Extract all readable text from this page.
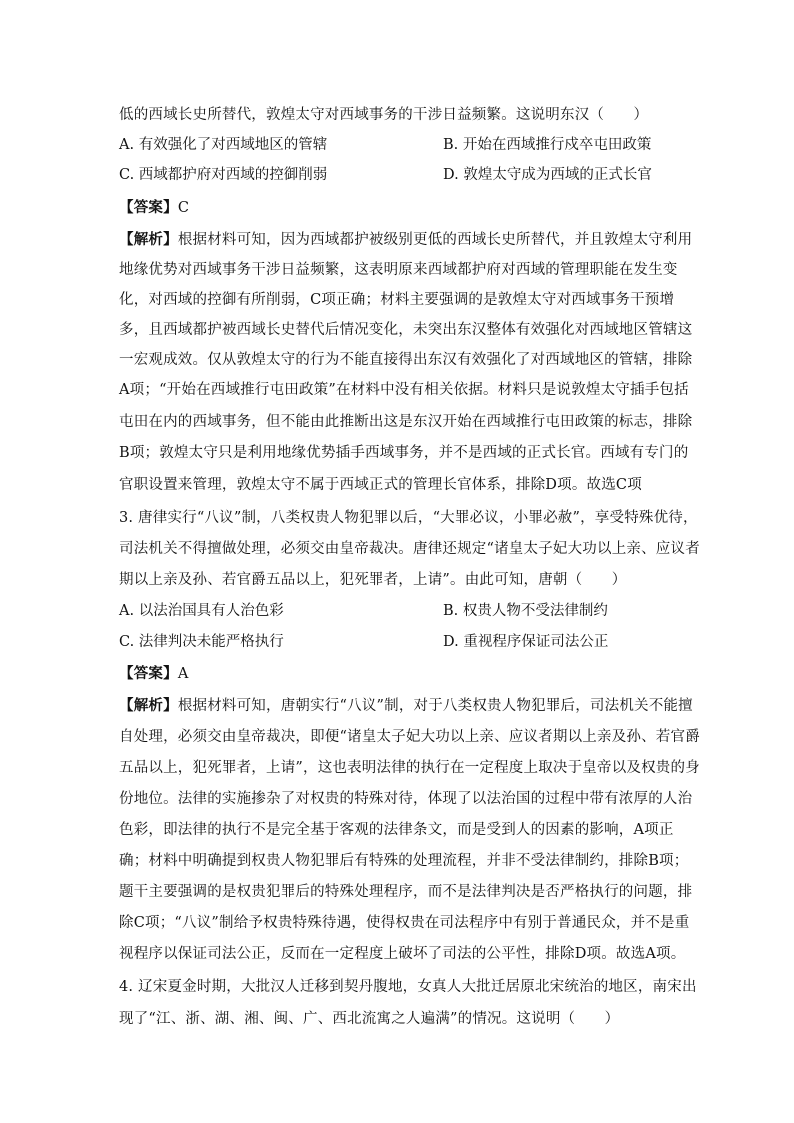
低的西域长史所替代，敦煌太守对西域事务的干涉日益频繁。这说明东汉（　　）
A. 有效强化了对西域地区的管辖	B. 开始在西域推行戍卒屯田政策
C. 西域都护府对西域的控御削弱	D. 敦煌太守成为西域的正式长官
【答案】C
【解析】根据材料可知，因为西域都护被级别更低的西域长史所替代，并且敦煌太守利用
地缘优势对西域事务干涉日益频繁，这表明原来西域都护府对西域的管理职能在发生变
化，对西域的控御有所削弱，C项正确；材料主要强调的是敦煌太守对西域事务干预增
多，且西域都护被西域长史替代后情况变化，未突出东汉整体有效强化对西域地区管辖这
一宏观成效。仅从敦煌太守的行为不能直接得出东汉有效强化了对西域地区的管辖，排除
A项；“开始在西域推行屯田政策”在材料中没有相关依据。材料只是说敦煌太守插手包括
屯田在内的西域事务，但不能由此推断出这是东汉开始在西域推行屯田政策的标志，排除
B项；敦煌太守只是利用地缘优势插手西域事务，并不是西域的正式长官。西域有专门的
官职设置来管理，敦煌太守不属于西域正式的管理长官体系，排除D项。故选C项
3. 唐律实行“八议”制，八类权贵人物犯罪以后，“大罪必议，小罪必赦”，享受特殊优待，
司法机关不得擅做处理，必须交由皇帝裁决。唐律还规定“诸皇太子妃大功以上亲、应议者
期以上亲及孙、若官爵五品以上，犯死罪者，上请”。由此可知，唐朝（　　）
A. 以法治国具有人治色彩	B. 权贵人物不受法律制约
C. 法律判决未能严格执行	D. 重视程序保证司法公正
【答案】A
【解析】根据材料可知，唐朝实行“八议”制，对于八类权贵人物犯罪后，司法机关不能擅
自处理，必须交由皇帝裁决，即便“诸皇太子妃大功以上亲、应议者期以上亲及孙、若官爵
五品以上，犯死罪者，上请”，这也表明法律的执行在一定程度上取决于皇帝以及权贵的身
份地位。法律的实施掺杂了对权贵的特殊对待，体现了以法治国的过程中带有浓厚的人治
色彩，即法律的执行不是完全基于客观的法律条文，而是受到人的因素的影响，A项正
确；材料中明确提到权贵人物犯罪后有特殊的处理流程，并非不受法律制约，排除B项；
题干主要强调的是权贵犯罪后的特殊处理程序，而不是法律判决是否严格执行的问题，排
除C项；“八议”制给予权贵特殊待遇，使得权贵在司法程序中有别于普通民众，并不是重
视程序以保证司法公正，反而在一定程度上破坏了司法的公平性，排除D项。故选A项。
4. 辽宋夏金时期，大批汉人迁移到契丹腹地，女真人大批迁居原北宋统治的地区，南宋出
现了“江、浙、湖、湘、闽、广、西北流寓之人遍满”的情况。这说明（　　）
